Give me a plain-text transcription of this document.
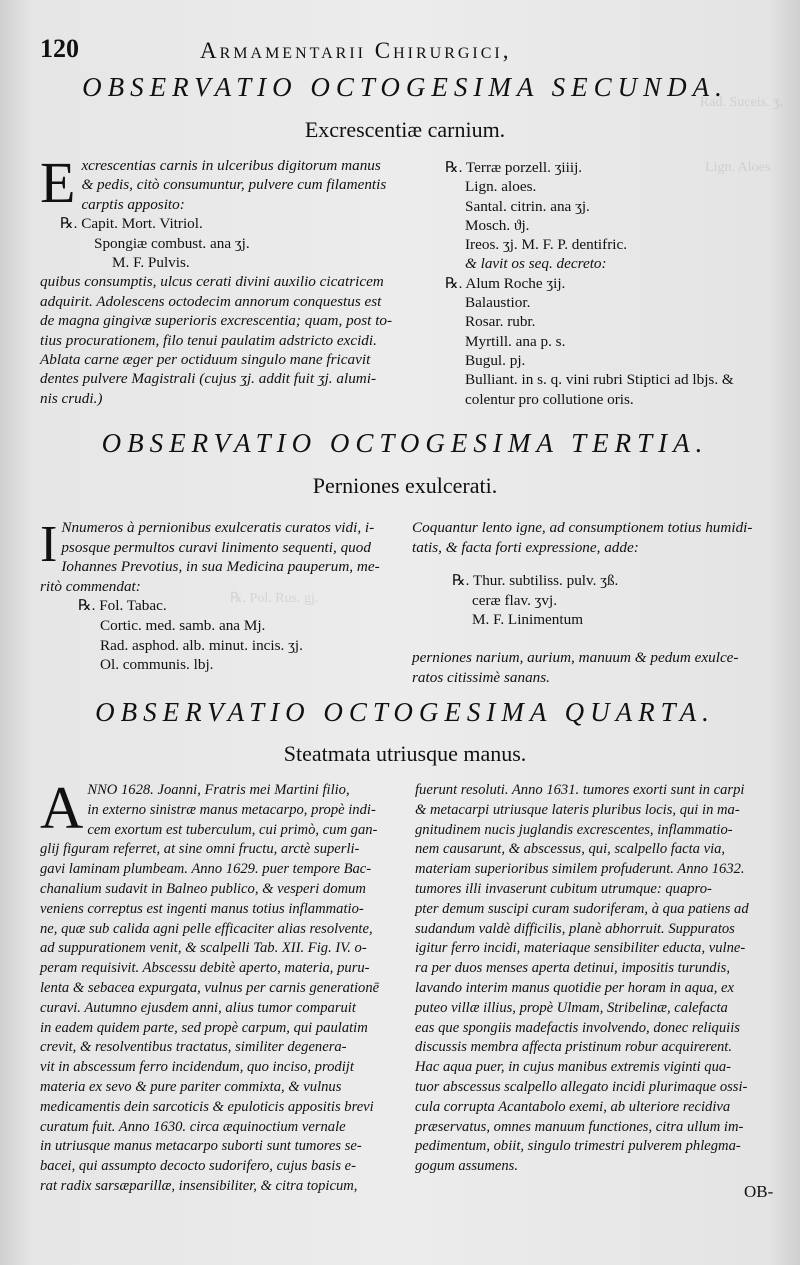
Rad. Suceis. ʒ.
Lign. Aloes
℞. Pol. Rus. gj.
120	Armamentarii Chirurgici,
OBSERVATIO OCTOGESIMA SECUNDA.
Excrescentiæ carnium.
E xcrescentias carnis in ulceribus digitorum manus
& pedis, citò consumuntur, pulvere cum filamentis
carptis apposito:
℞. Capit. Mort. Vitriol.
Spongiæ combust. ana ʒj.
M. F. Pulvis.
quibus consumptis, ulcus cerati divini auxilio cicatricem
adquirit. Adolescens octodecim annorum conquestus est
de magna gingivæ superioris excrescentia; quam, post to-
tius procurationem, filo tenui paulatim adstricto excidi.
Ablata carne æger per octiduum singulo mane fricavit
dentes pulvere Magistrali (cujus ʒj. addit fuit ʒj. alumi-
nis crudi.)
℞. Terræ porzell. ʒiiij.
Lign. aloes.
Santal. citrin. ana ʒj.
Mosch. ϑj.
Ireos. ʒj. M. F. P. dentifric.
& lavit os seq. decreto:
℞. Alum Roche ʒij.
Balaustior.
Rosar. rubr.
Myrtill. ana p. s.
Bugul. pj.
Bulliant. in s. q. vini rubri Stiptici ad lbjs. &
colentur pro collutione oris.
OBSERVATIO OCTOGESIMA TERTIA.
Perniones exulcerati.
I Nnumeros à pernionibus exulceratis curatos vidi, i-
psosque permultos curavi linimento sequenti, quod
Iohannes Prevotius, in sua Medicina pauperum, me-
ritò commendat:
℞. Fol. Tabac.
Cortic. med. samb. ana Mj.
Rad. asphod. alb. minut. incis. ʒj.
Ol. communis. lbj.
Coquantur lento igne, ad consumptionem totius humidi-
tatis, & facta forti expressione, adde:
℞. Thur. subtiliss. pulv. ʒß.
ceræ flav. ʒvj.
M. F. Linimentum
perniones narium, aurium, manuum & pedum exulce-
ratos citissimè sanans.
OBSERVATIO OCTOGESIMA QUARTA.
Steatmata utriusque manus.
A NNO 1628. Joanni, Fratris mei Martini filio,
in externo sinistræ manus metacarpo, propè indi-
cem exortum est tuberculum, cui primò, cum gan-
glij figuram referret, at sine omni fructu, arctè superli-
gavi laminam plumbeam. Anno 1629. puer tempore Bac-
chanalium sudavit in Balneo publico, & vesperi domum
veniens correptus est ingenti manus totius inflammatio-
ne, quæ sub calida agni pelle efficaciter alias resolvente,
ad suppurationem venit, & scalpelli Tab. XII. Fig. IV. o-
peram requisivit. Abscessu debitè aperto, materia, puru-
lenta & sebacea expurgata, vulnus per carnis generationē
curavi. Autumno ejusdem anni, alius tumor comparuit
in eadem quidem parte, sed propè carpum, qui paulatim
crevit, & resolventibus tractatus, similiter degenera-
vit in abscessum ferro incidendum, quo inciso, prodijt
materia ex sevo & pure pariter commixta, & vulnus
medicamentis dein sarcoticis & epuloticis appositis brevi
curatum fuit. Anno 1630. circa æquinoctium vernale
in utriusque manus metacarpo suborti sunt tumores se-
bacei, qui assumpto decocto sudorifero, cujus basis e-
rat radix sarsæparillæ, insensibiliter, & citra topicum,
fuerunt resoluti. Anno 1631. tumores exorti sunt in carpi
& metacarpi utriusque lateris pluribus locis, qui in ma-
gnitudinem nucis juglandis excrescentes, inflammatio-
nem causarunt, & abscessus, qui, scalpello facta via,
materiam superioribus similem profuderunt. Anno 1632.
tumores illi invaserunt cubitum utrumque: quapro-
pter demum suscipi curam sudoriferam, à qua patiens ad
sudandum valdè difficilis, planè abhorruit. Suppuratos
igitur ferro incidi, materiaque sensibiliter educta, vulne-
ra per duos menses aperta detinui, impositis turundis,
lavando interim manus quotidie per horam in aqua, ex
puteo villæ illius, propè Ulmam, Stribelinæ, calefacta
eas que spongiis madefactis involvendo, donec reliquiis
discussis membra affecta pristinum robur acquirerent.
Hac aqua puer, in cujus manibus extremis viginti qua-
tuor abscessus scalpello allegato incidi plurimaque ossi-
cula corrupta Acantabolo exemi, ab ulteriore recidiva
præservatus, omnes manuum functiones, citra ullum im-
pedimentum, obiit, singulo trimestri pulverem phlegma-
gogum assumens.
OB-
